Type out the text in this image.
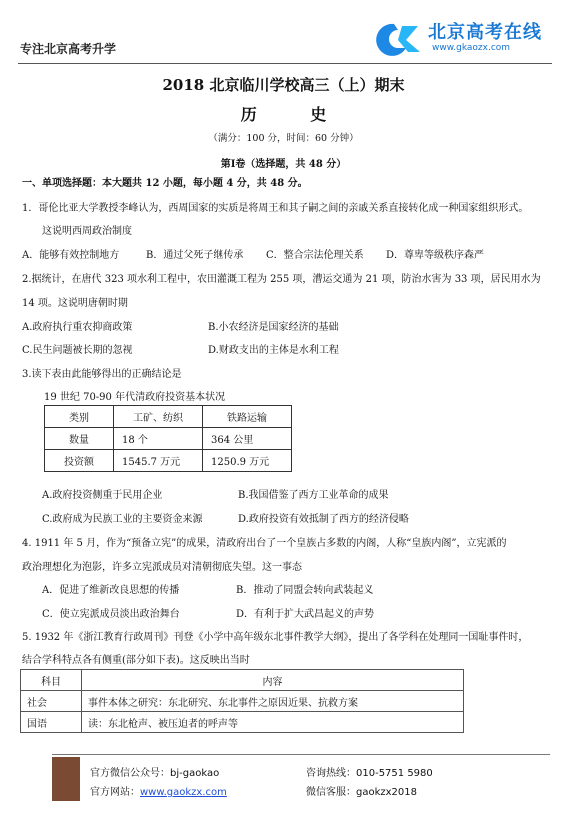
专注北京高考升学
北京高考在线
www.gkaozx.com
2018 北京临川学校高三（上）期末
历 史
（满分：100 分，时间：60 分钟）
第Ⅰ卷（选择题，共 48 分）
一、单项选择题：本大题共 12 小题，每小题 4 分，共 48 分。
1．哥伦比亚大学教授李峰认为，西周国家的实质是将周王和其子嗣之间的亲戚关系直接转化成一种国家组织形式。
这说明西周政治制度
A．能够有效控制地方	B．通过父死子继传承 C．整合宗法伦理关系 D．尊卑等级秩序森严
2.据统计，在唐代 323 项水利工程中，农田灌溉工程为 255 项，漕运交通为 21 项，防治水害为 33 项，居民用水为
14 项。这说明唐朝时期
A.政府执行重农抑商政策	B.小农经济是国家经济的基础
C.民生问题被长期的忽视	D.财政支出的主体是水利工程
3.读下表由此能够得出的正确结论是
19 世纪 70-90 年代清政府投资基本状况
类别	工矿、纺织	铁路运输
数量	18 个	364 公里
投资额	1545.7 万元	1250.9 万元
A.政府投资侧重于民用企业	B.我国借鉴了西方工业革命的成果
C.政府成为民族工业的主要资金来源	D.政府投资有效抵制了西方的经济侵略
4. 1911 年 5 月，作为“预备立宪”的成果，清政府出台了一个皇族占多数的内阁，人称“皇族内阁”，立宪派的
政治理想化为泡影，许多立宪派成员对清朝彻底失望。这一事态
A．促进了维新改良思想的传播	B．推动了同盟会转向武装起义
C．使立宪派成员淡出政治舞台	D．有利于扩大武昌起义的声势
5. 1932 年《浙江教育行政周刊》刊登《小学中高年级东北事件教学大纲》，提出了各学科在处理同一国耻事件时，
结合学科特点各有侧重(部分如下表)。这反映出当时
科目	内容
社会	事件本体之研究：东北研究、东北事件之原因近果、抗救方案
国语	读：东北枪声、被压迫者的呼声等
官方微信公众号：bj-gaokao
官方网站：www.gaokzx.com
咨询热线：010-5751 5980
微信客服：gaokzx2018
